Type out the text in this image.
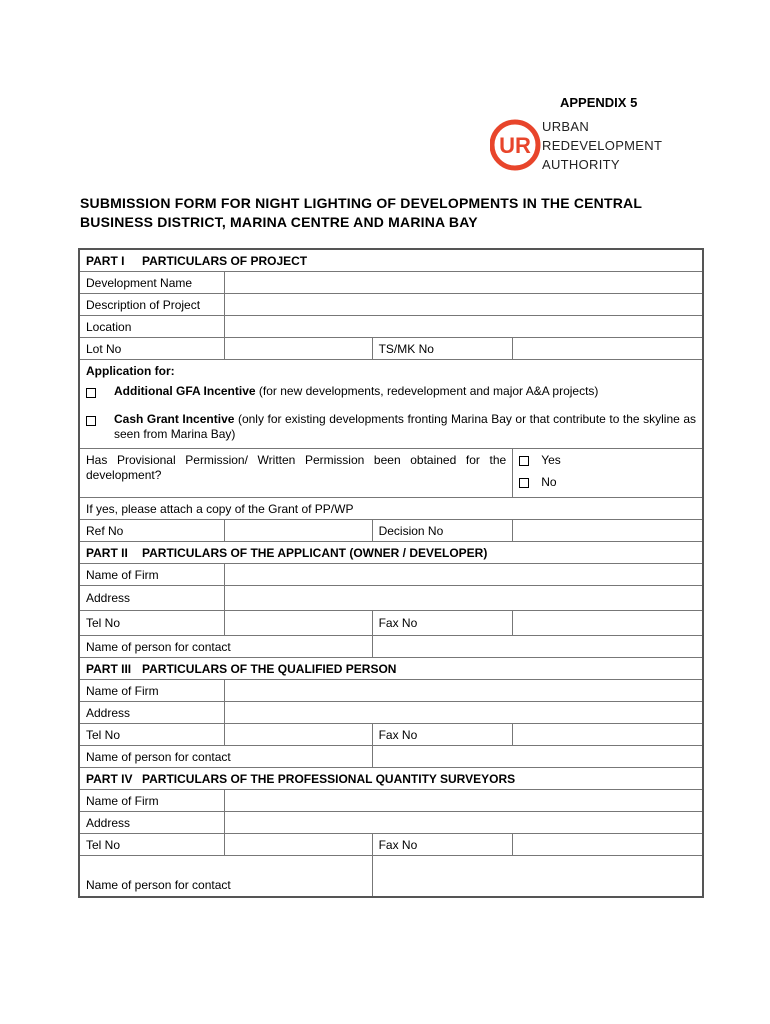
APPENDIX 5
UR
URBAN
REDEVELOPMENT
AUTHORITY
SUBMISSION FORM FOR NIGHT LIGHTING OF DEVELOPMENTS IN THE CENTRAL BUSINESS DISTRICT, MARINA CENTRE AND MARINA BAY
PART I PARTICULARS OF PROJECT			
Development Name			
Description of Project			
Location			
Lot No		TS/MK No	

Application for:
Additional GFA Incentive (for new developments, redevelopment and major A&A projects)
Cash Grant Incentive (only for existing developments fronting Marina Bay or that contribute to the skyline as seen from Marina Bay)			

Has Provisional Permission/ Written Permission been obtained for the development?			Yes
No

If yes, please attach a copy of the Grant of PP/WP			
Ref No		Decision No	
PART II PARTICULARS OF THE APPLICANT (OWNER / DEVELOPER)			
Name of Firm			
Address			
Tel No		Fax No	
Name of person for contact			
PART III PARTICULARS OF THE QUALIFIED PERSON			
Name of Firm			
Address			
Tel No		Fax No	
Name of person for contact			
PART IV PARTICULARS OF THE PROFESSIONAL QUANTITY SURVEYORS			
Name of Firm			
Address			
Tel No		Fax No	
Name of person for contact			
